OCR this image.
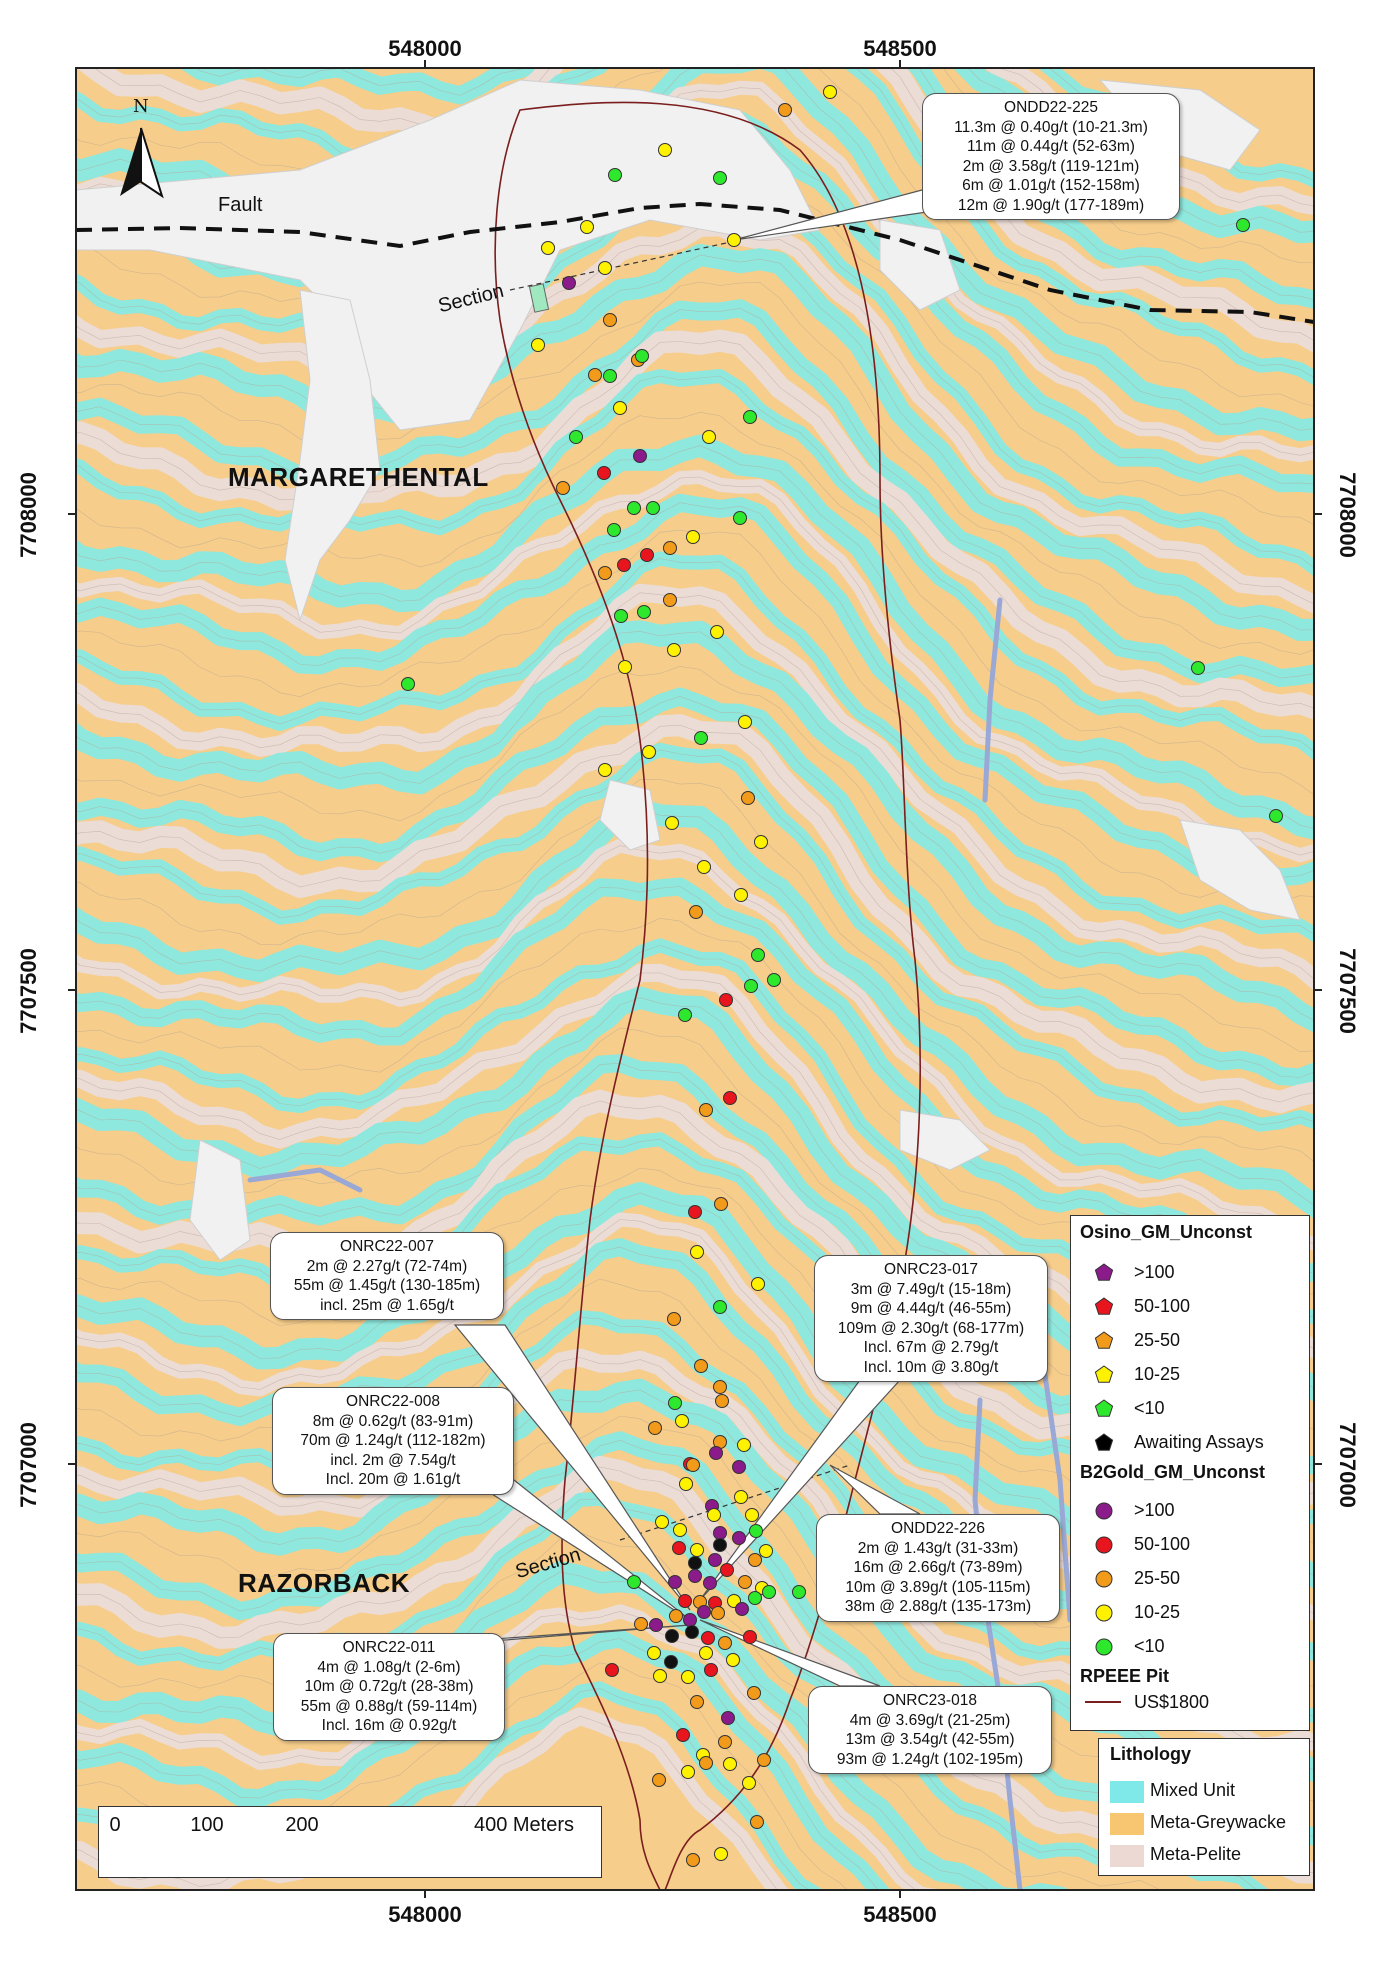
548000	548500
548000	548500
7708000
7707500
7707000
7708000
7707500
7707000
N
Fault
Section
Section
MARGARETHENTAL
RAZORBACK
ONDD22-225
11.3m @ 0.40g/t (10-21.3m)
11m @ 0.44g/t (52-63m)
2m @ 3.58g/t (119-121m)
6m @ 1.01g/t (152-158m)
12m @ 1.90g/t (177-189m)
ONRC22-007
2m @ 2.27g/t (72-74m)
55m @ 1.45g/t (130-185m)
incl. 25m @ 1.65g/t
ONRC23-017
3m @ 7.49g/t (15-18m)
9m @ 4.44g/t (46-55m)
109m @ 2.30g/t (68-177m)
Incl. 67m @ 2.79g/t
Incl. 10m @ 3.80g/t
ONRC22-008
8m @ 0.62g/t (83-91m)
70m @ 1.24g/t (112-182m)
incl. 2m @ 7.54g/t
Incl. 20m @ 1.61g/t
ONDD22-226
2m @ 1.43g/t (31-33m)
16m @ 2.66g/t (73-89m)
10m @ 3.89g/t (105-115m)
38m @ 2.88g/t (135-173m)
ONRC22-011
4m @ 1.08g/t (2-6m)
10m @ 0.72g/t (28-38m)
55m @ 0.88g/t (59-114m)
Incl. 16m @ 0.92g/t
ONRC23-018
4m @ 3.69g/t (21-25m)
13m @ 3.54g/t (42-55m)
93m @ 1.24g/t (102-195m)
Osino_GM_Unconst
>100
50-100
25-50
10-25
<10
Awaiting Assays
B2Gold_GM_Unconst
>100
50-100
25-50
10-25
<10
RPEEE Pit
US$1800
Lithology
Mixed Unit
Meta-Greywacke
Meta-Pelite
0	100	200	400 Meters
